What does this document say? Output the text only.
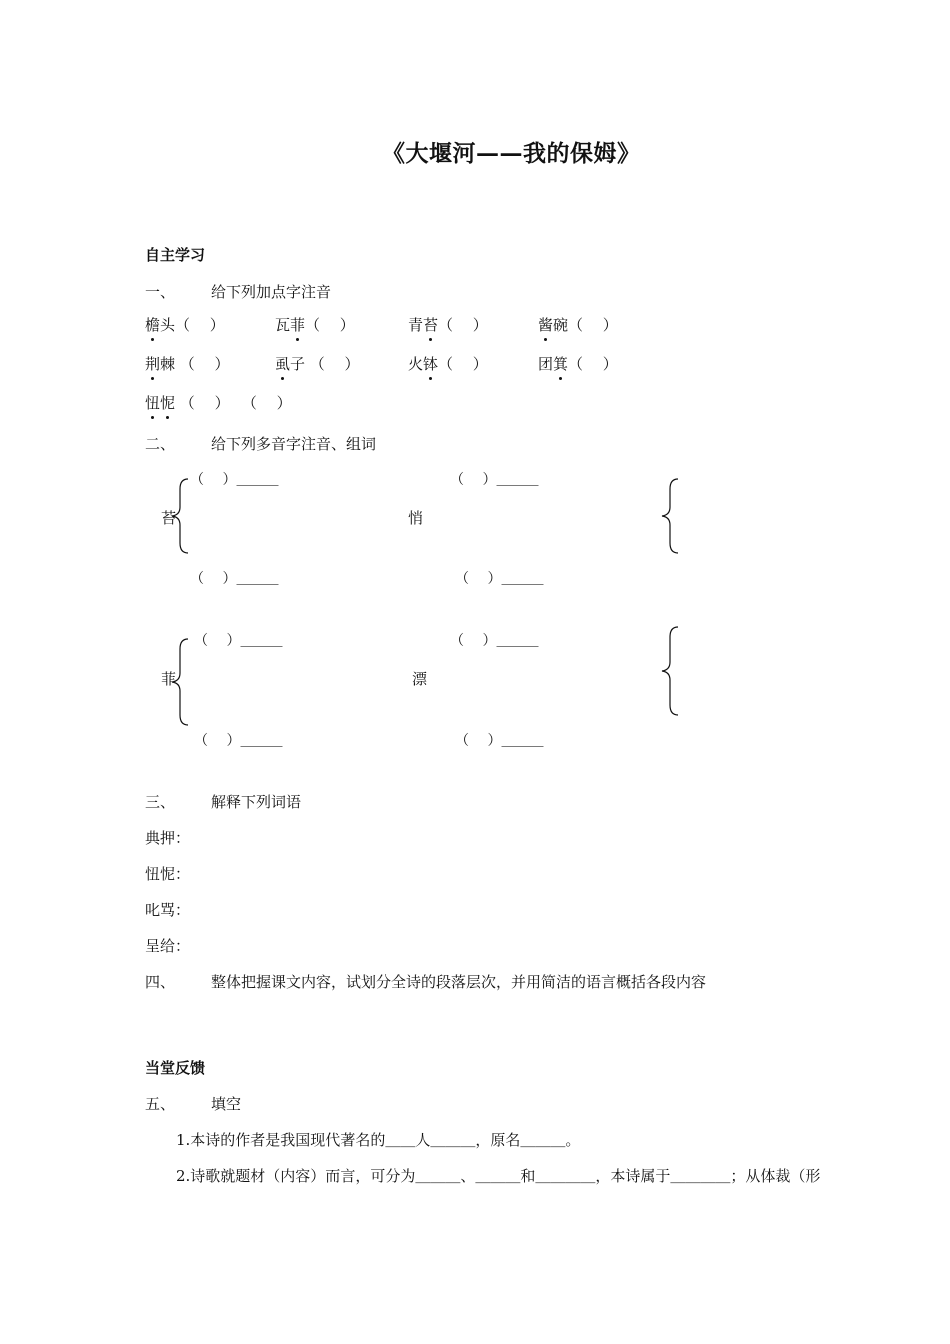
《大堰河——我的保姆》
自主学习
一、 给下列加点字注音
檐头（　 ）	瓦菲（　 ）	青苔（　 ）	酱碗（　 ）
荆棘 （　 ）	虱子 （　 ）	火钵（　 ）	团箕（　 ）
忸怩 （　 ）　 （　 ）
二、 给下列多音字注音、组词
（　 ）＿＿＿
苔
（　 ）＿＿＿
（　 ）＿＿＿
悄
（　 ）＿＿＿
（　 ）＿＿＿
菲
（　 ）＿＿＿
（　 ）＿＿＿
漂
（　 ）＿＿＿
三、 解释下列词语
典押：
忸怩：
叱骂：
呈给：
四、 整体把握课文内容，试划分全诗的段落层次，并用简洁的语言概括各段内容
当堂反馈
五、 填空
1.本诗的作者是我国现代著名的＿＿人＿＿＿，原名＿＿＿。
2.诗歌就题材（内容）而言，可分为＿＿＿、＿＿＿和＿＿＿＿，本诗属于＿＿＿＿；从体裁（形
